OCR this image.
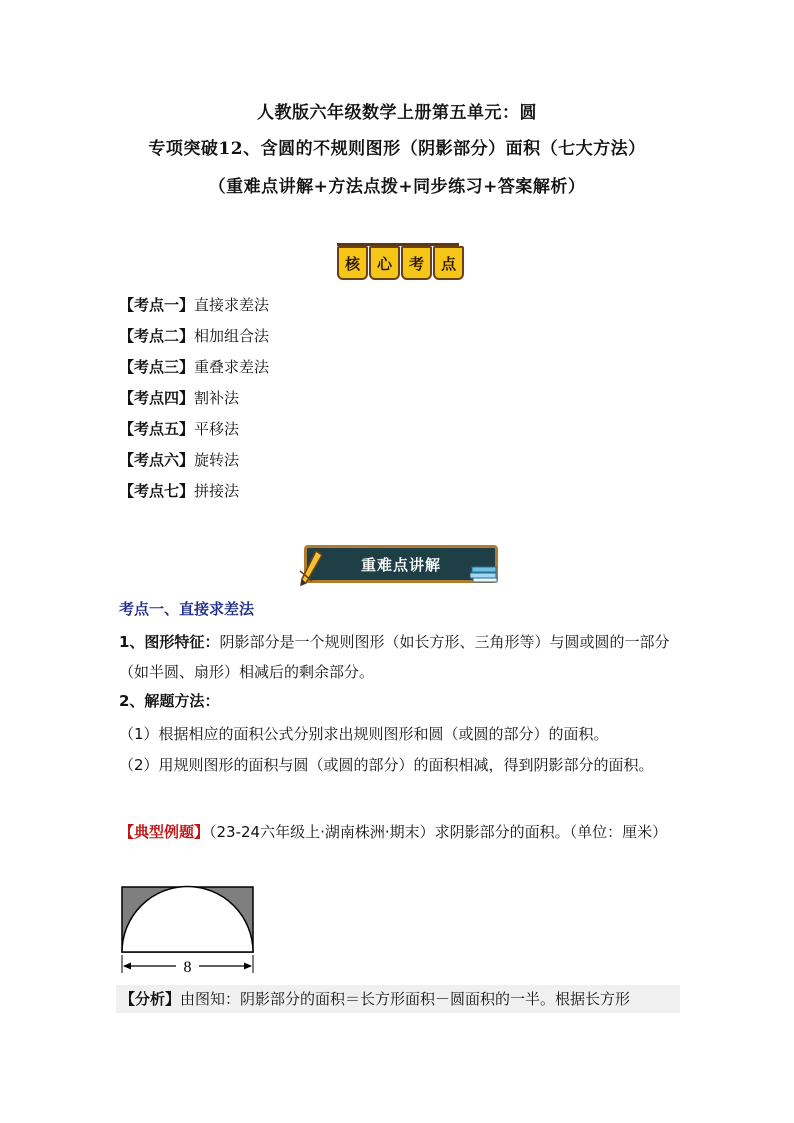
人教版六年级数学上册第五单元：圆
专项突破12、含圆的不规则图形（阴影部分）面积（七大方法）
（重难点讲解+方法点拨+同步练习+答案解析）
核	心	考	点
【考点一】直接求差法
【考点二】相加组合法
【考点三】重叠求差法
【考点四】割补法
【考点五】平移法
【考点六】旋转法
【考点七】拼接法
重难点讲解
考点一、直接求差法
1、图形特征：阴影部分是一个规则图形（如长方形、三角形等）与圆或圆的一部分（如半圆、扇形）相减后的剩余部分。
2、解题方法：
（1）根据相应的面积公式分别求出规则图形和圆（或圆的部分）的面积。
（2）用规则图形的面积与圆（或圆的部分）的面积相减，得到阴影部分的面积。
【典型例题】（23-24六年级上·湖南株洲·期末）求阴影部分的面积。（单位：厘米）
8
【分析】由图知：阴影部分的面积＝长方形面积－圆面积的一半。根据长方形
